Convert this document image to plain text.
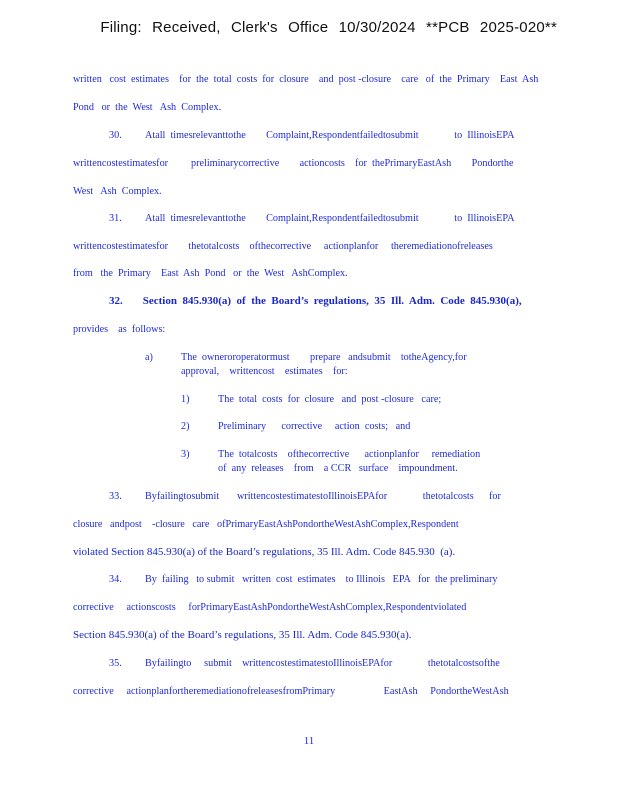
Filing: Received, Clerk's Office 10/30/2024 **PCB 2025-020**
written   cost  estimates    for  the  total  costs  for  closure    and  post -closure    care   of  the  Primary    East  Ash
Pond   or  the  West   Ash  Complex.
30. Atall  timesrelevanttothe        Complaint,Respondentfailedtosubmit              to  IllinoisEPA
writtencostestimatesfor         preliminarycorrective        actioncosts    for  thePrimaryEastAsh        Pondorthe
West   Ash  Complex.
31. Atall  timesrelevanttothe        Complaint,Respondentfailedtosubmit              to  IllinoisEPA
writtencostestimatesfor        thetotalcosts    ofthecorrective     actionplanfor     theremediationofreleases
from   the  Primary    East  Ash  Pond   or  the  West   AshComplex.
32. Section  845.930(a)  of  the  Board’s  regulations,  35  Ill.  Adm.  Code  845.930(a),
provides    as  follows:
a)	The  owneroroperatormust        prepare   andsubmit    totheAgency,for
approval,    writtencost    estimates    for:
1)	The  total  costs  for  closure   and  post -closure   care;
2)	Preliminary      corrective     action  costs;   and
3)	The  totalcosts    ofthecorrective      actionplanfor     remediation
of  any  releases    from    a CCR   surface    impoundment.
33. Byfailingtosubmit       writtencostestimatestoIllinoisEPAfor              thetotalcosts      for
closure   andpost    -closure   care   ofPrimaryEastAshPondortheWestAshComplex,Respondent
violated Section 845.930(a) of the Board’s regulations, 35 Ill. Adm. Code 845.930  (a).
34. By  failing   to submit   written  cost  estimates    to Illinois   EPA   for  the preliminary
corrective     actionscosts     forPrimaryEastAshPondortheWestAshComplex,Respondentviolated
Section 845.930(a) of the Board’s regulations, 35 Ill. Adm. Code 845.930(a).
35. Byfailingto     submit    writtencostestimatestoIllinoisEPAfor              thetotalcostsofthe
corrective     actionplanfortheremediationofreleasesfromPrimary                   EastAsh     PondortheWestAsh
11
